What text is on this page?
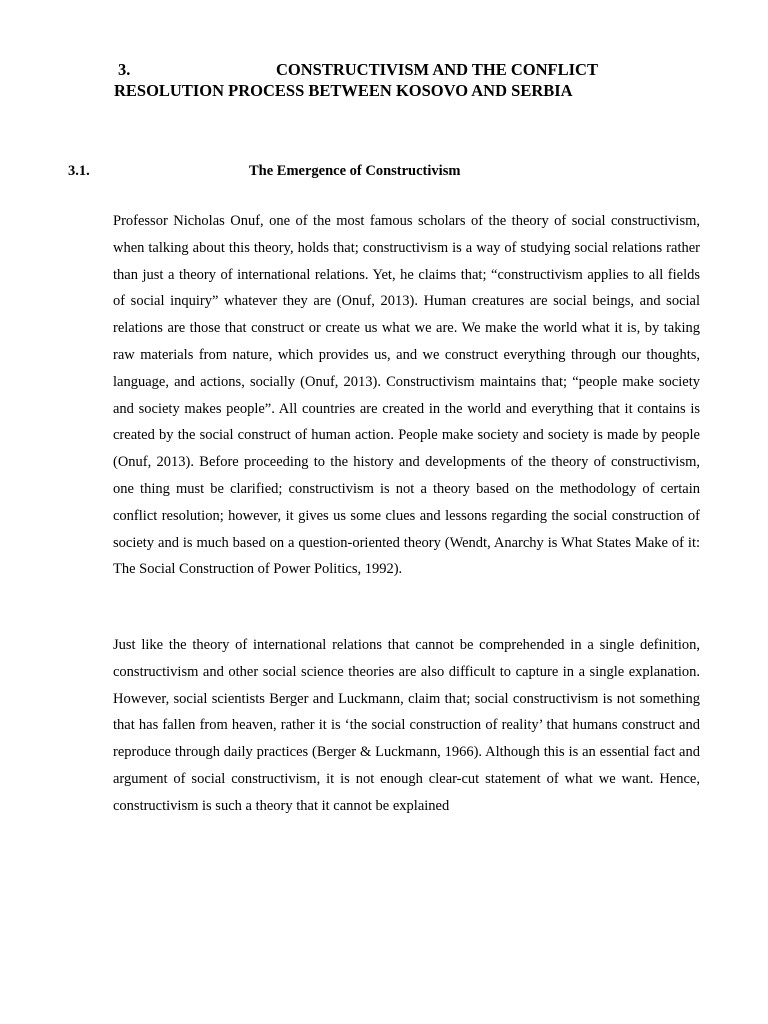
3.	CONSTRUCTIVISM AND THE CONFLICT
RESOLUTION PROCESS BETWEEN KOSOVO AND SERBIA
3.1.	The Emergence of Constructivism

Professor Nicholas Onuf, one of the most famous scholars of the theory of social constructivism, when talking about this theory, holds that; constructivism is a way of studying social relations rather than just a theory of international relations. Yet, he claims that; “constructivism applies to all fields of social inquiry” whatever they are (Onuf, 2013). Human creatures are social beings, and social relations are those that construct or create us what we are. We make the world what it is, by taking raw materials from nature, which provides us, and we construct everything through our thoughts, language, and actions, socially (Onuf, 2013). Constructivism maintains that; “people make society and society makes people”. All countries are created in the world and everything that it contains is created by the social construct of human action. People make society and society is made by people (Onuf, 2013). Before proceeding to the history and developments of the theory of constructivism, one thing must be clarified; constructivism is not a theory based on the methodology of certain conflict resolution; however, it gives us some clues and lessons regarding the social construction of society and is much based on a question-oriented theory (Wendt, Anarchy is What States Make of it: The Social Construction of Power Politics, 1992).

Just like the theory of international relations that cannot be comprehended in a single definition, constructivism and other social science theories are also difficult to capture in a single explanation. However, social scientists Berger and Luckmann, claim that; social constructivism is not something that has fallen from heaven, rather it is ‘the social construction of reality’ that humans construct and reproduce through daily practices (Berger & Luckmann, 1966). Although this is an essential fact and argument of social constructivism, it is not enough clear-cut statement of what we want. Hence, constructivism is such a theory that it cannot be explained
